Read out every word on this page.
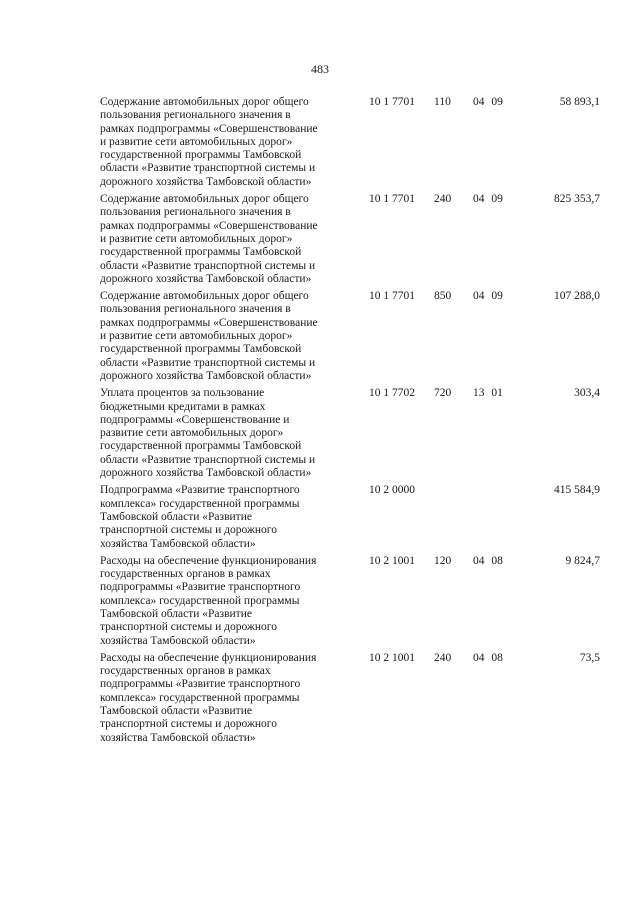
483
Содержание автомобильных дорог общего
пользования регионального значения в
рамках подпрограммы «Совершенствование
и развитие сети автомобильных дорог»
государственной программы Тамбовской
области «Развитие транспортной системы и
дорожного хозяйства Тамбовской области»
10 1 7701 110 04 09	58 893,1
Содержание автомобильных дорог общего
пользования регионального значения в
рамках подпрограммы «Совершенствование
и развитие сети автомобильных дорог»
государственной программы Тамбовской
области «Развитие транспортной системы и
дорожного хозяйства Тамбовской области»
10 1 7701 240 04 09	825 353,7
Содержание автомобильных дорог общего
пользования регионального значения в
рамках подпрограммы «Совершенствование
и развитие сети автомобильных дорог»
государственной программы Тамбовской
области «Развитие транспортной системы и
дорожного хозяйства Тамбовской области»
10 1 7701 850 04 09	107 288,0
Уплата процентов за пользование
бюджетными кредитами в рамках
подпрограммы «Совершенствование и
развитие сети автомобильных дорог»
государственной программы Тамбовской
области «Развитие транспортной системы и
дорожного хозяйства Тамбовской области»
10 1 7702 720 13 01	303,4
Подпрограмма «Развитие транспортного
комплекса» государственной программы
Тамбовской области «Развитие
транспортной системы и дорожного
хозяйства Тамбовской области»
10 2 0000	415 584,9
Расходы на обеспечение функционирования
государственных органов в рамках
подпрограммы «Развитие транспортного
комплекса» государственной программы
Тамбовской области «Развитие
транспортной системы и дорожного
хозяйства Тамбовской области»
10 2 1001 120 04 08	9 824,7
Расходы на обеспечение функционирования
государственных органов в рамках
подпрограммы «Развитие транспортного
комплекса» государственной программы
Тамбовской области «Развитие
транспортной системы и дорожного
хозяйства Тамбовской области»
10 2 1001 240 04 08	73,5
